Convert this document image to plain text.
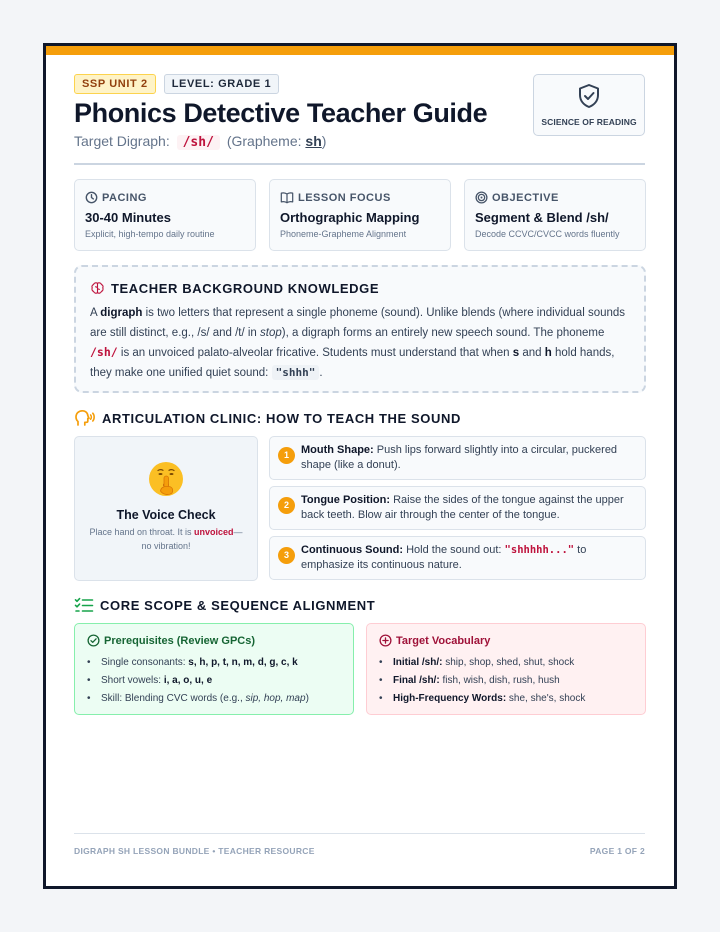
SSP UNIT 2	LEVEL: GRADE 1
Phonics Detective Teacher Guide
Target Digraph: /sh/ (Grapheme: sh)
SCIENCE OF READING
PACING
30-40 Minutes
Explicit, high-tempo daily routine
LESSON FOCUS
Orthographic Mapping
Phoneme-Grapheme Alignment
OBJECTIVE
Segment & Blend /sh/
Decode CCVC/CVCC words fluently
TEACHER BACKGROUND KNOWLEDGE
A digraph is two letters that represent a single phoneme (sound). Unlike blends (where individual sounds are still distinct, e.g., /s/ and /t/ in stop), a digraph forms an entirely new speech sound. The phoneme /sh/ is an unvoiced palato-alveolar fricative. Students must understand that when s and h hold hands, they make one unified quiet sound: "shhh" .
ARTICULATION CLINIC: HOW TO TEACH THE SOUND
The Voice Check
Place hand on throat. It is unvoiced—no vibration!
1	Mouth Shape: Push lips forward slightly into a circular, puckered shape (like a donut).
2	Tongue Position: Raise the sides of the tongue against the upper back teeth. Blow air through the center of the tongue.
3	Continuous Sound: Hold the sound out: "shhhhh..." to emphasize its continuous nature.
CORE SCOPE & SEQUENCE ALIGNMENT
Prerequisites (Review GPCs)
• Single consonants: s, h, p, t, n, m, d, g, c, k
• Short vowels: i, a, o, u, e
• Skill: Blending CVC words (e.g., sip, hop, map)
Target Vocabulary
• Initial /sh/: ship, shop, shed, shut, shock
• Final /sh/: fish, wish, dish, rush, hush
• High-Frequency Words: she, she's, shock
DIGRAPH SH LESSON BUNDLE • TEACHER RESOURCE	PAGE 1 OF 2
